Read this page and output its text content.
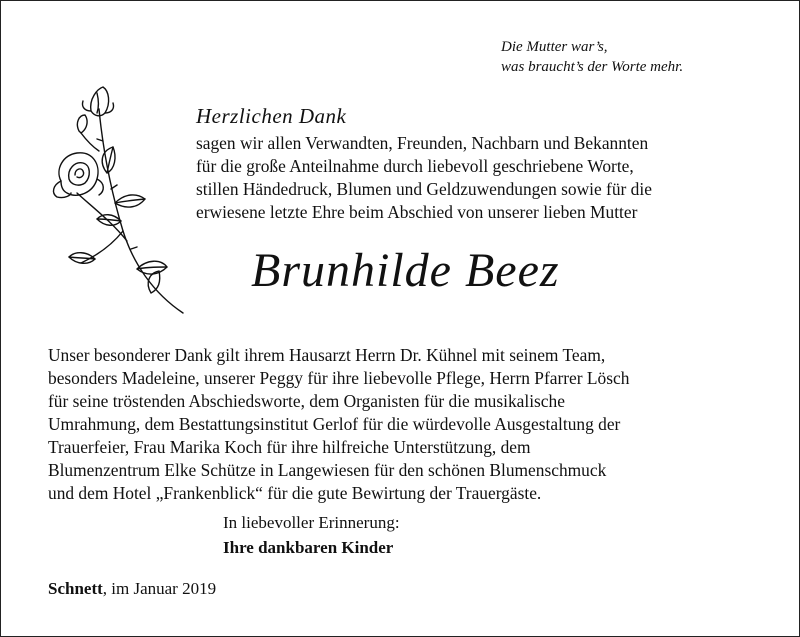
Die Mutter war’s,
was braucht’s der Worte mehr.
Herzlichen Dank
sagen wir allen Verwandten, Freunden, Nachbarn und Bekannten
für die große Anteilnahme durch liebevoll geschriebene Worte,
stillen Händedruck, Blumen und Geldzuwendungen sowie für die
erwiesene letzte Ehre beim Abschied von unserer lieben Mutter
Brunhilde Beez
Unser besonderer Dank gilt ihrem Hausarzt Herrn Dr. Kühnel mit seinem Team,
besonders Madeleine, unserer Peggy für ihre liebevolle Pflege, Herrn Pfarrer Lösch
für seine tröstenden Abschiedsworte, dem Organisten für die musikalische
Umrahmung, dem Bestattungsinstitut Gerlof für die würdevolle Ausgestaltung der
Trauerfeier, Frau Marika Koch für ihre hilfreiche Unterstützung, dem
Blumenzentrum Elke Schütze in Langewiesen für den schönen Blumenschmuck
und dem Hotel „Frankenblick“ für die gute Bewirtung der Trauergäste.
In liebevoller Erinnerung:
Ihre dankbaren Kinder
Schnett, im Januar 2019
